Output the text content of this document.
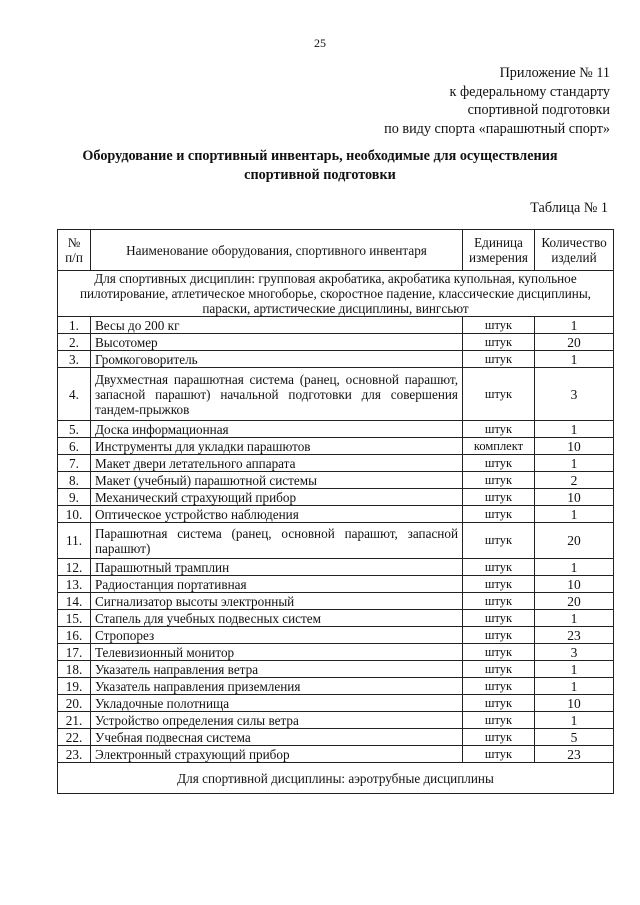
25
Приложение № 11
к федеральному стандарту
спортивной подготовки
по виду спорта «парашютный спорт»
Оборудование и спортивный инвентарь, необходимые для осуществления
спортивной подготовки
Таблица № 1
№ п/п	Наименование оборудования, спортивного инвентаря	Единица измерения	Количество изделий
Для спортивных дисциплин: групповая акробатика, акробатика купольная, купольное пилотирование, атлетическое многоборье, скоростное падение, классические дисциплины, параски, артистические дисциплины, вингсьют			
1.	Весы до 200 кг	штук	1
2.	Высотомер	штук	20
3.	Громкоговоритель	штук	1
4.	Двухместная парашютная система (ранец, основной парашют, запасной парашют) начальной подготовки для совершения тандем-прыжков	штук	3
5.	Доска информационная	штук	1
6.	Инструменты для укладки парашютов	комплект	10
7.	Макет двери летательного аппарата	штук	1
8.	Макет (учебный) парашютной системы	штук	2
9.	Механический страхующий прибор	штук	10
10.	Оптическое устройство наблюдения	штук	1
11.	Парашютная система (ранец, основной парашют, запасной парашют)	штук	20
12.	Парашютный трамплин	штук	1
13.	Радиостанция портативная	штук	10
14.	Сигнализатор высоты электронный	штук	20
15.	Стапель для учебных подвесных систем	штук	1
16.	Стропорез	штук	23
17.	Телевизионный монитор	штук	3
18.	Указатель направления ветра	штук	1
19.	Указатель направления приземления	штук	1
20.	Укладочные полотнища	штук	10
21.	Устройство определения силы ветра	штук	1
22.	Учебная подвесная система	штук	5
23.	Электронный страхующий прибор	штук	23
Для спортивной дисциплины: аэротрубные дисциплины			
